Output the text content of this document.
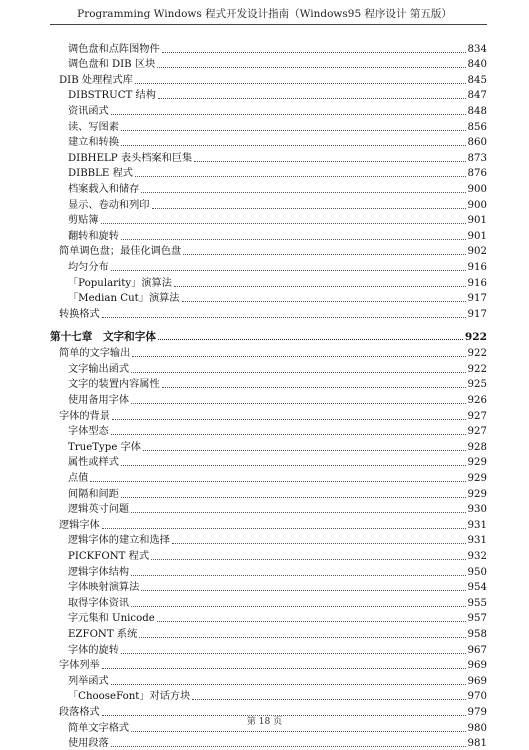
Programming Windows 程式开发设计指南（Windows95 程序设计 第五版）
调色盘和点阵图物件	834
调色盘和 DIB 区块	840
DIB 处理程式库	845
DIBSTRUCT 结构	847
资讯函式	848
读、写图素	856
建立和转换	860
DIBHELP 表头档案和巨集	873
DIBBLE 程式	876
档案载入和储存	900
显示、卷动和列印	900
剪贴簿	901
翻转和旋转	901
简单调色盘；最佳化调色盘	902
均匀分布	916
「Popularity」演算法	916
「Median Cut」演算法	917
转换格式	917
第十七章　文字和字体	922
简单的文字输出	922
文字输出函式	922
文字的装置内容属性	925
使用备用字体	926
字体的背景	927
字体型态	927
TrueType 字体	928
属性或样式	929
点值	929
间隔和间距	929
逻辑英寸问题	930
逻辑字体	931
逻辑字体的建立和选择	931
PICKFONT 程式	932
逻辑字体结构	950
字体映射演算法	954
取得字体资讯	955
字元集和 Unicode	957
EZFONT 系统	958
字体的旋转	967
字体列举	969
列举函式	969
「ChooseFont」对话方块	970
段落格式	979
简单文字格式	980
使用段落	981
第 18 页
